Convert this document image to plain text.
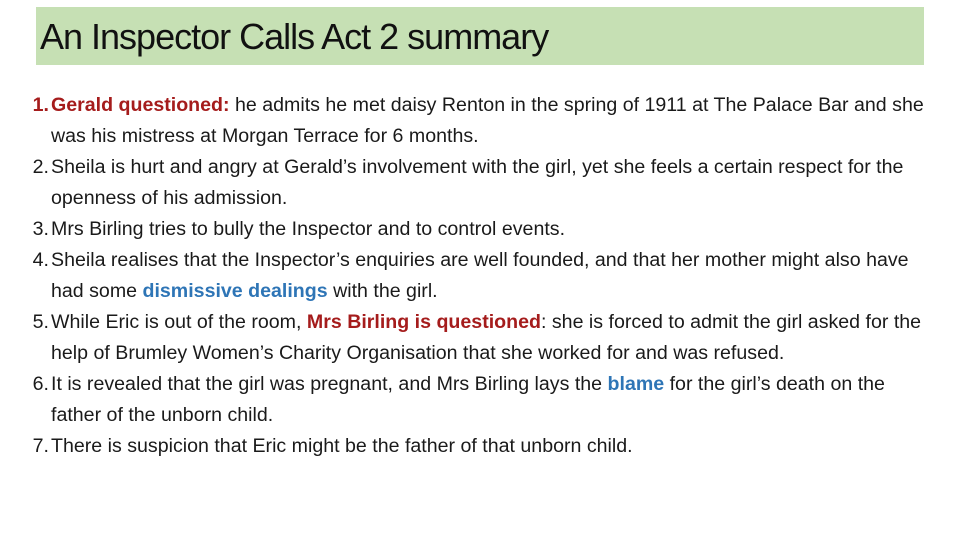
An Inspector Calls Act 2 summary
1. Gerald questioned: he admits he met daisy Renton in the spring of 1911 at The Palace Bar and she was his mistress at Morgan Terrace for 6 months.
2. Sheila is hurt and angry at Gerald’s involvement with the girl, yet she feels a certain respect for the openness of his admission.
3. Mrs Birling tries to bully the Inspector and to control events.
4. Sheila realises that the Inspector’s enquiries are well founded, and that her mother might also have had some dismissive dealings with the girl.
5. While Eric is out of the room, Mrs Birling is questioned: she is forced to admit the girl asked for the help of Brumley Women’s Charity Organisation that she worked for and was refused.
6. It is revealed that the girl was pregnant, and Mrs Birling lays the blame for the girl’s death on the father of the unborn child.
7. There is suspicion that Eric might be the father of that unborn child.
